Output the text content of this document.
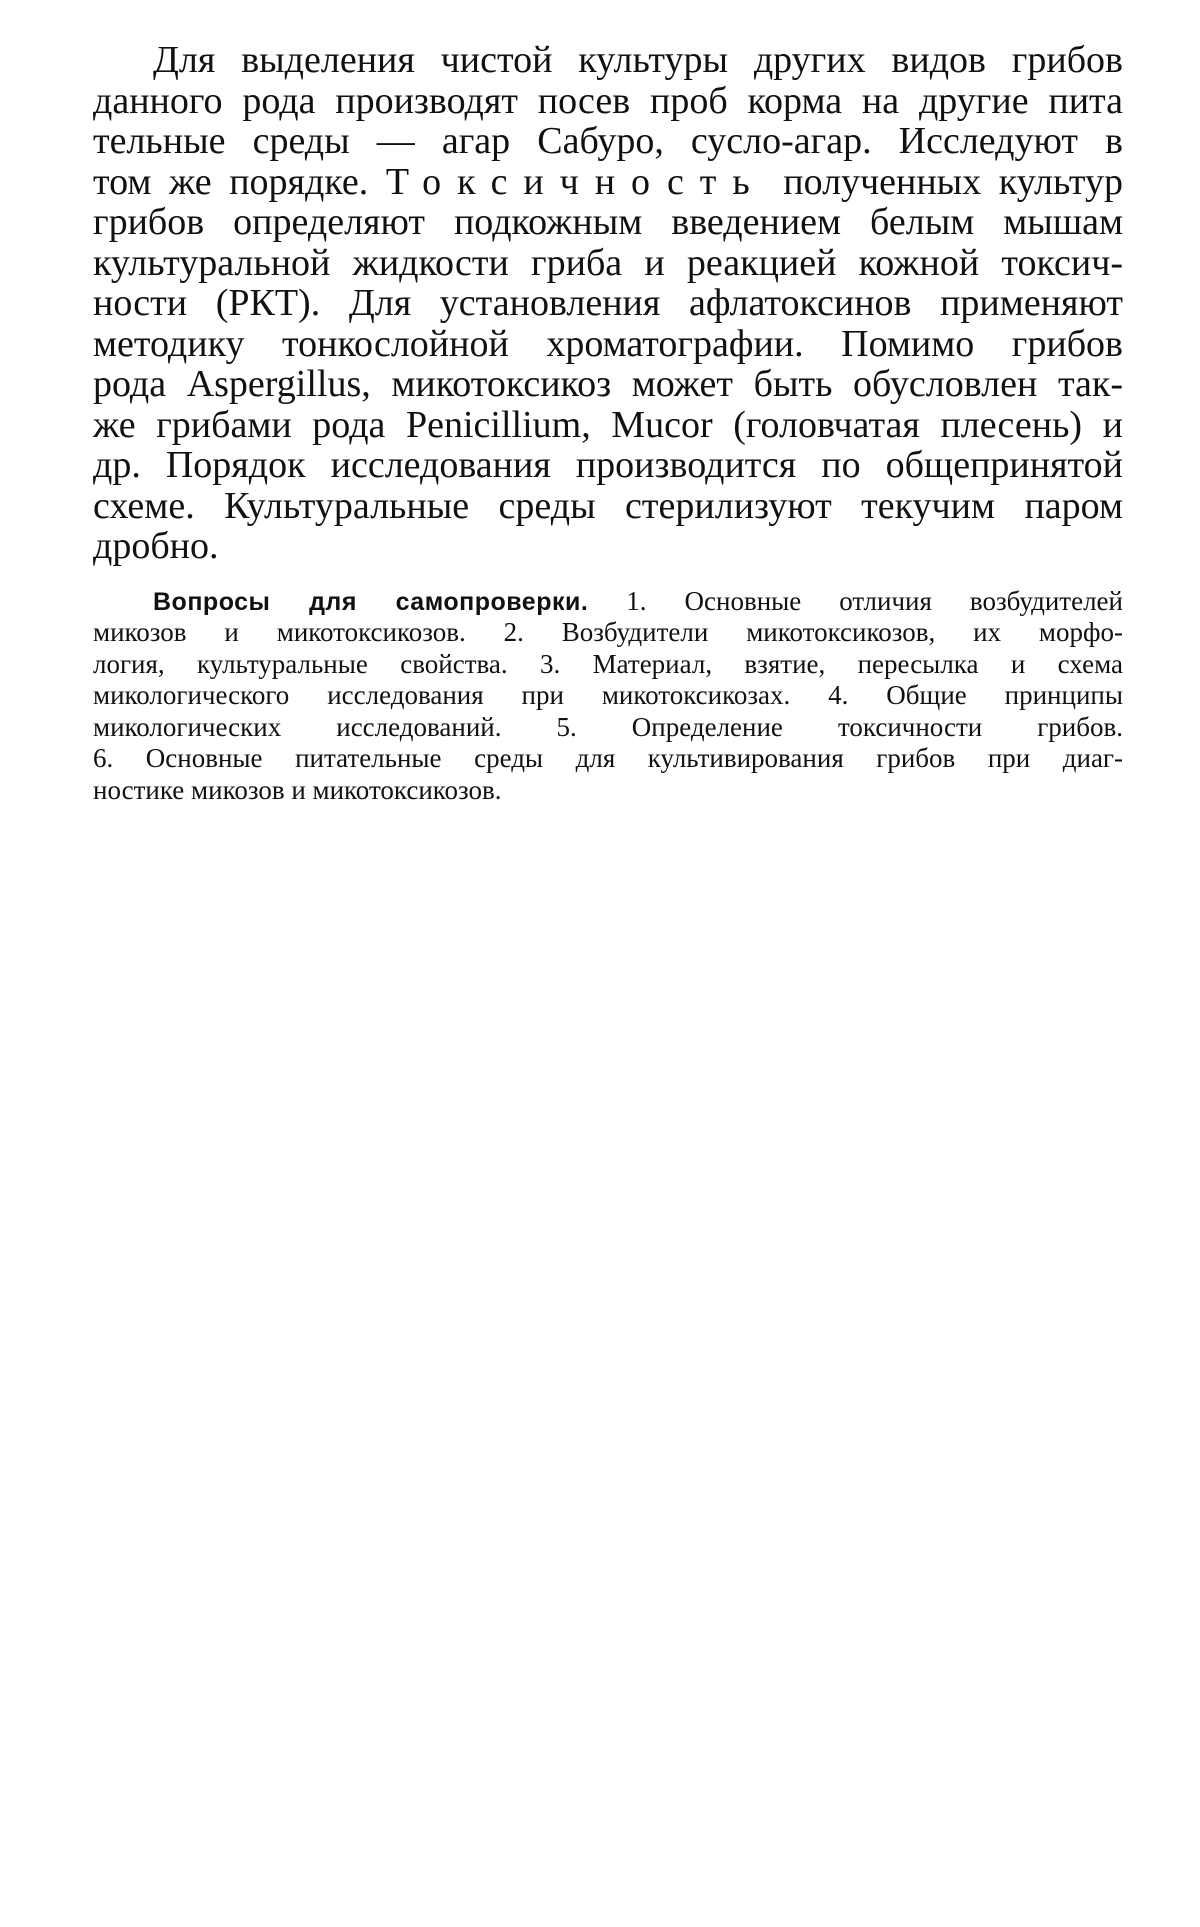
Для выделения чистой культуры других видов грибов
данного рода производят посев проб корма на другие пита
тельные среды — агар Сабуро, сусло-агар. Исследуют в
том же порядке. Токсичность полученных культур
грибов определяют подкожным введением белым мышам
культуральной жидкости гриба и реакцией кожной токсич-
ности (РКТ). Для установления афлатоксинов применяют
методику тонкослойной хроматографии. Помимо грибов
рода Aspergillus, микотоксикоз может быть обусловлен так-
же грибами рода Penicillium, Mucor (головчатая плесень) и
др. Порядок исследования производится по общепринятой
схеме. Культуральные среды стерилизуют текучим паром
дробно.
Вопросы для самопроверки. 1. Основные отличия возбудителей
микозов и микотоксикозов. 2. Возбудители микотоксикозов, их морфо-
логия, культуральные свойства. 3. Материал, взятие, пересылка и схема
микологического исследования при микотоксикозах. 4. Общие принципы
микологических исследований. 5. Определение токсичности грибов.
6. Основные питательные среды для культивирования грибов при диаг-
ностике микозов и микотоксикозов.
